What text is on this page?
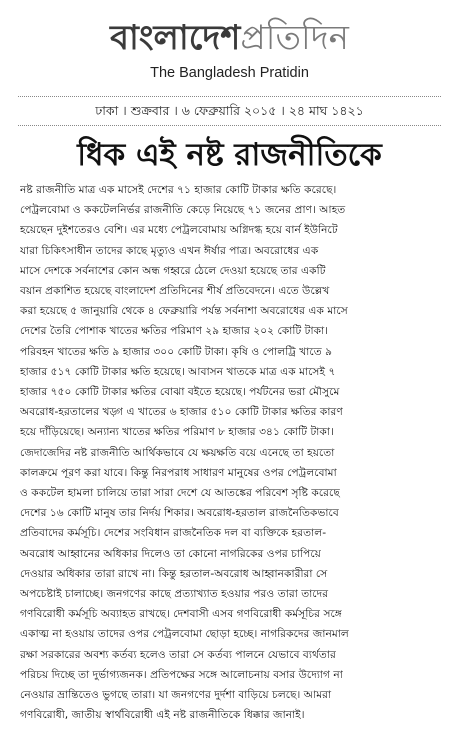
বাংলাদেশপ্রতিদিন
The Bangladesh Pratidin
ঢাকা । শুক্রবার । ৬ ফেব্রুয়ারি ২০১৫ । ২৪ মাঘ ১৪২১
ধিক এই নষ্ট রাজনীতিকে
নষ্ট রাজনীতি মাত্র এক মাসেই দেশের ৭১ হাজার কোটি টাকার ক্ষতি করেছে।
পেট্রলবোমা ও ককটেলনির্ভর রাজনীতি কেড়ে নিয়েছে ৭১ জনের প্রাণ। আহত
হয়েছেন দুইশতেরও বেশি। এর মধ্যে পেট্রলবোমায় অগ্নিদগ্ধ হয়ে বার্ন ইউনিটে
যারা চিকিৎসাধীন তাদের কাছে মৃত্যুও এখন ঈর্ষার পাত্র। অবরোধের এক
মাসে দেশকে সর্বনাশের কোন অন্ধ গহ্বরে ঠেলে দেওয়া হয়েছে তার একটি
বয়ান প্রকাশিত হয়েছে বাংলাদেশ প্রতিদিনের শীর্ষ প্রতিবেদনে। এতে উল্লেখ
করা হয়েছে ৫ জানুয়ারি থেকে ৪ ফেব্রুয়ারি পর্যন্ত সর্বনাশা অবরোধের এক মাসে
দেশের তৈরি পোশাক খাতের ক্ষতির পরিমাণ ২৯ হাজার ২০২ কোটি টাকা।
পরিবহন খাতের ক্ষতি ৯ হাজার ৩০০ কোটি টাকা। কৃষি ও পোলট্রি খাতে ৯
হাজার ৫১৭ কোটি টাকার ক্ষতি হয়েছে। আবাসন খাতকে মাত্র এক মাসেই ৭
হাজার ৭৫০ কোটি টাকার ক্ষতির বোঝা বইতে হয়েছে। পর্যটনের ভরা মৌসুমে
অবরোধ-হরতালের খড়্গ এ খাতের ৬ হাজার ৫১০ কোটি টাকার ক্ষতির কারণ
হয়ে দাঁড়িয়েছে। অন্যান্য খাতের ক্ষতির পরিমাণ ৮ হাজার ৩৪১ কোটি টাকা।
জেদাজেদির নষ্ট রাজনীতি আর্থিকভাবে যে ক্ষয়ক্ষতি বয়ে এনেছে তা হয়তো
কালক্রমে পূরণ করা যাবে। কিন্তু নিরপরাধ সাধারণ মানুষের ওপর পেট্রলবোমা
ও ককটেল হামলা চালিয়ে তারা সারা দেশে যে আতঙ্কের পরিবেশ সৃষ্টি করেছে
দেশের ১৬ কোটি মানুষ তার নির্দয় শিকার। অবরোধ-হরতাল রাজনৈতিকভাবে
প্রতিবাদের কর্মসূচি। দেশের সংবিধান রাজনৈতিক দল বা ব্যক্তিকে হরতাল-
অবরোধ আহ্বানের অধিকার দিলেও তা কোনো নাগরিকের ওপর চাপিয়ে
দেওয়ার অধিকার তারা রাখে না। কিন্তু হরতাল-অবরোধ আহ্বানকারীরা সে
অপচেষ্টাই চালাচ্ছে। জনগণের কাছে প্রত্যাখ্যাত হওয়ার পরও তারা তাদের
গণবিরোধী কর্মসূচি অব্যাহত রাখছে। দেশবাসী এসব গণবিরোধী কর্মসূচির সঙ্গে
একাত্ম না হওয়ায় তাদের ওপর পেট্রলবোমা ছোড়া হচ্ছে। নাগরিকদের জানমাল
রক্ষা সরকারের অবশ্য কর্তব্য হলেও তারা সে কর্তব্য পালনে যেভাবে ব্যর্থতার
পরিচয় দিচ্ছে তা দুর্ভাগ্যজনক। প্রতিপক্ষের সঙ্গে আলোচনায় বসার উদ্যোগ না
নেওয়ার ভ্রান্তিতেও ভুগছে তারা। যা জনগণের দুর্দশা বাড়িয়ে চলছে। আমরা
গণবিরোধী, জাতীয় স্বার্থবিরোধী এই নষ্ট রাজনীতিকে ধিক্কার জানাই।
